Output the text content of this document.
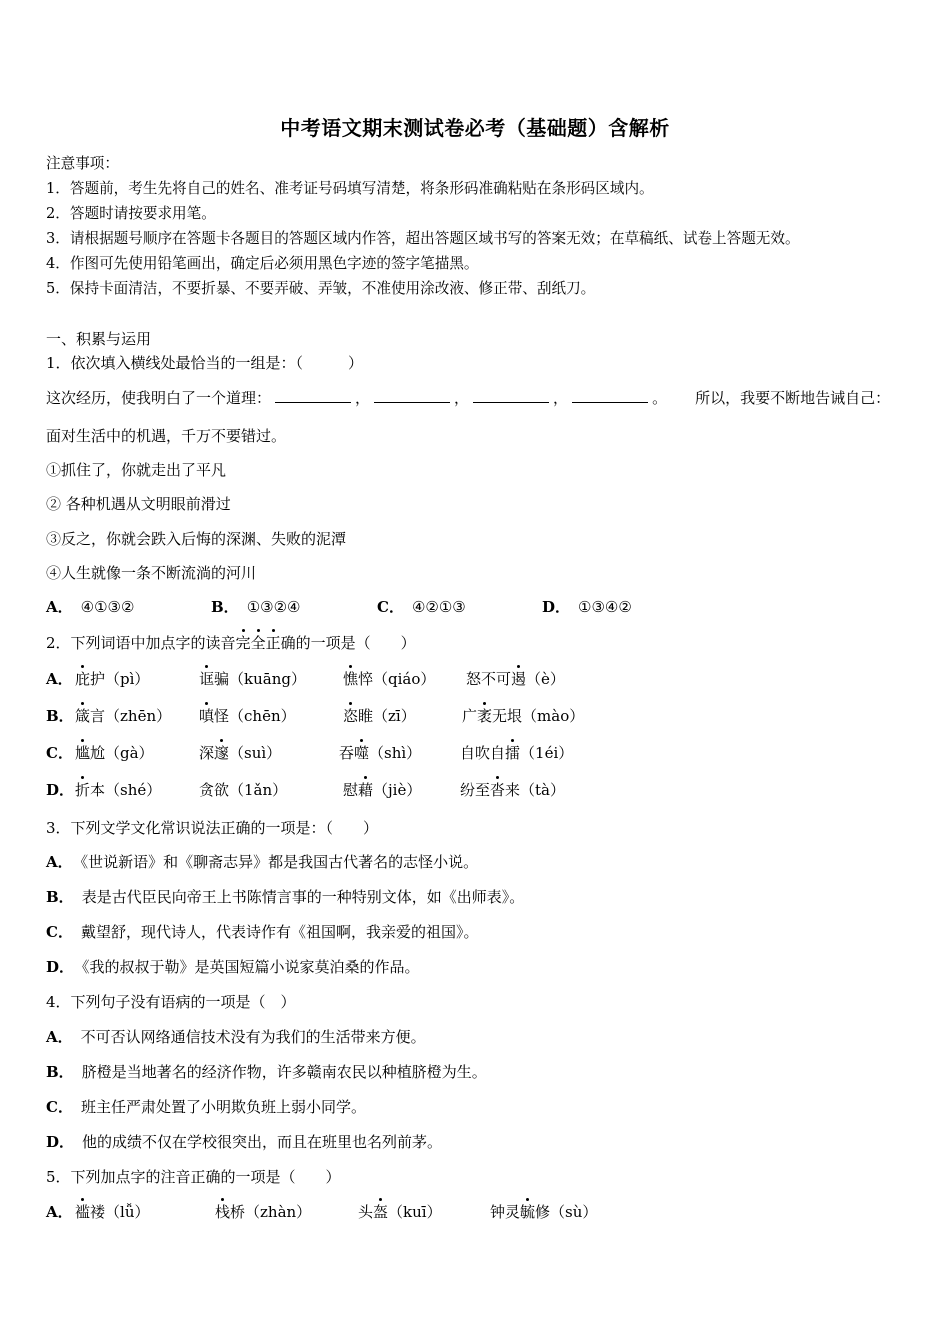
中考语文期末测试卷必考（基础题）含解析
注意事项：
1．答题前，考生先将自己的姓名、准考证号码填写清楚，将条形码准确粘贴在条形码区域内。
2．答题时请按要求用笔。
3．请根据题号顺序在答题卡各题目的答题区域内作答，超出答题区域书写的答案无效；在草稿纸、试卷上答题无效。
4．作图可先使用铅笔画出，确定后必须用黑色字迹的签字笔描黑。
5．保持卡面清洁，不要折暴、不要弄破、弄皱，不准使用涂改液、修正带、刮纸刀。
一、积累与运用
1．依次填入横线处最恰当的一组是：（　　　）
这次经历，使我明白了一个道理：	，	，	，	。 所以，我要不断地告诫自己：
面对生活中的机遇，千万不要错过。
①抓住了，你就走出了平凡
② 各种机遇从文明眼前滑过
③反之，你就会跌入后悔的深渊、失败的泥潭
④人生就像一条不断流淌的河川
A． ④①③②	B． ①③②④	C． ④②①③	D． ①③④②
2．下列词语中加点字的读音完全正确的一项是（　　）
A． 庇护（pì）	诓骗（kuāng） 憔悴（qiáo） 怒不可遏（è）
B． 箴言（zhēn） 嗔怪（chēn）	恣睢（zī）	广袤无垠（mào）
C． 尴尬（gà）	深邃（suì）	吞噬（shì）	自吹自擂（1éi）
D． 折本（shé）	贪欲（1ǎn）	慰藉（jiè）	纷至沓来（tà）
3．下列文学文化常识说法正确的一项是：（　　）
A． 《世说新语》和《聊斋志异》都是我国古代著名的志怪小说。
B． 表是古代臣民向帝王上书陈情言事的一种特别文体，如《出师表》。
C． 戴望舒，现代诗人，代表诗作有《祖国啊，我亲爱的祖国》。
D． 《我的叔叔于勒》是英国短篇小说家莫泊桑的作品。
4．下列句子没有语病的一项是（　）
A． 不可否认网络通信技术没有为我们的生活带来方便。
B． 脐橙是当地著名的经济作物，许多赣南农民以种植脐橙为生。
C． 班主任严肃处置了小明欺负班上弱小同学。
D． 他的成绩不仅在学校很突出，而且在班里也名列前茅。
5．下列加点字的注音正确的一项是（　　）
A． 褴褛（lǚ）	栈桥（zhàn）	头盔（kuī）	钟灵毓修（sù）
